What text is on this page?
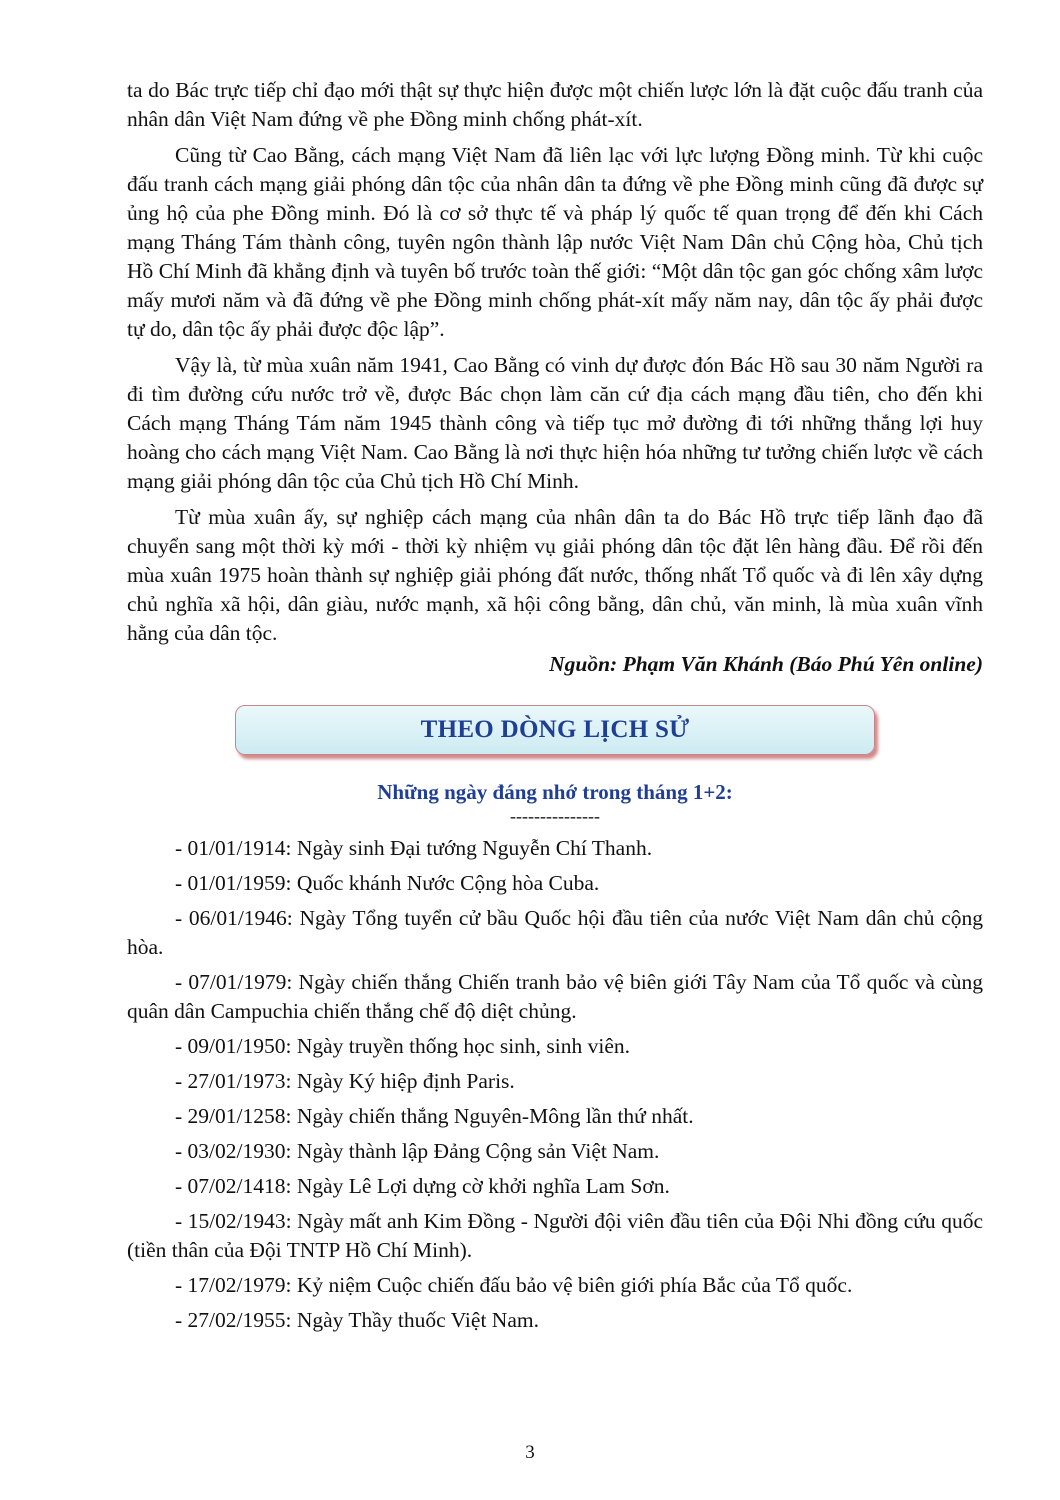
ta do Bác trực tiếp chỉ đạo mới thật sự thực hiện được một chiến lược lớn là đặt cuộc đấu tranh của nhân dân Việt Nam đứng về phe Đồng minh chống phát-xít.

Cũng từ Cao Bằng, cách mạng Việt Nam đã liên lạc với lực lượng Đồng minh. Từ khi cuộc đấu tranh cách mạng giải phóng dân tộc của nhân dân ta đứng về phe Đồng minh cũng đã được sự ủng hộ của phe Đồng minh. Đó là cơ sở thực tế và pháp lý quốc tế quan trọng để đến khi Cách mạng Tháng Tám thành công, tuyên ngôn thành lập nước Việt Nam Dân chủ Cộng hòa, Chủ tịch Hồ Chí Minh đã khẳng định và tuyên bố trước toàn thế giới: “Một dân tộc gan góc chống xâm lược mấy mươi năm và đã đứng về phe Đồng minh chống phát-xít mấy năm nay, dân tộc ấy phải được tự do, dân tộc ấy phải được độc lập”.

Vậy là, từ mùa xuân năm 1941, Cao Bằng có vinh dự được đón Bác Hồ sau 30 năm Người ra đi tìm đường cứu nước trở về, được Bác chọn làm căn cứ địa cách mạng đầu tiên, cho đến khi Cách mạng Tháng Tám năm 1945 thành công và tiếp tục mở đường đi tới những thắng lợi huy hoàng cho cách mạng Việt Nam. Cao Bằng là nơi thực hiện hóa những tư tưởng chiến lược về cách mạng giải phóng dân tộc của Chủ tịch Hồ Chí Minh.

Từ mùa xuân ấy, sự nghiệp cách mạng của nhân dân ta do Bác Hồ trực tiếp lãnh đạo đã chuyển sang một thời kỳ mới - thời kỳ nhiệm vụ giải phóng dân tộc đặt lên hàng đầu. Để rồi đến mùa xuân 1975 hoàn thành sự nghiệp giải phóng đất nước, thống nhất Tổ quốc và đi lên xây dựng chủ nghĩa xã hội, dân giàu, nước mạnh, xã hội công bằng, dân chủ, văn minh, là mùa xuân vĩnh hằng của dân tộc.

Nguồn: Phạm Văn Khánh (Báo Phú Yên online)

THEO DÒNG LỊCH SỬ
Những ngày đáng nhớ trong tháng 1+2:
---------------

- 01/01/1914: Ngày sinh Đại tướng Nguyễn Chí Thanh.

- 01/01/1959: Quốc khánh Nước Cộng hòa Cuba.

- 06/01/1946: Ngày Tổng tuyển cử bầu Quốc hội đầu tiên của nước Việt Nam dân chủ cộng hòa.

- 07/01/1979: Ngày chiến thắng Chiến tranh bảo vệ biên giới Tây Nam của Tổ quốc và cùng quân dân Campuchia chiến thắng chế độ diệt chủng.

- 09/01/1950: Ngày truyền thống học sinh, sinh viên.

- 27/01/1973: Ngày Ký hiệp định Paris.

- 29/01/1258: Ngày chiến thắng Nguyên-Mông lần thứ nhất.

- 03/02/1930: Ngày thành lập Đảng Cộng sản Việt Nam.

- 07/02/1418: Ngày Lê Lợi dựng cờ khởi nghĩa Lam Sơn.

- 15/02/1943: Ngày mất anh Kim Đồng - Người đội viên đầu tiên của Đội Nhi đồng cứu quốc (tiền thân của Đội TNTP Hồ Chí Minh).

- 17/02/1979: Kỷ niệm Cuộc chiến đấu bảo vệ biên giới phía Bắc của Tổ quốc.

- 27/02/1955: Ngày Thầy thuốc Việt Nam.

3
